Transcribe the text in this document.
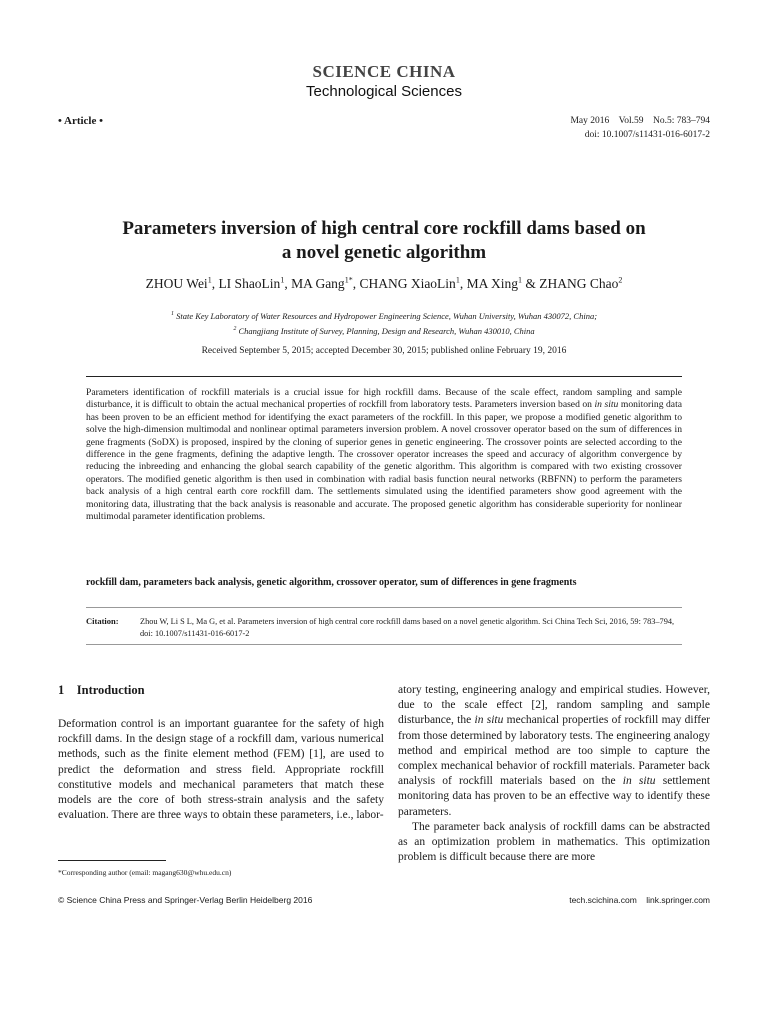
SCIENCE CHINA
Technological Sciences
• Article •	May 2016    Vol.59    No.5: 783–794
doi: 10.1007/s11431-016-6017-2
Parameters inversion of high central core rockfill dams based on
a novel genetic algorithm
ZHOU Wei$^1$, LI ShaoLin$^1$, MA Gang$^{1*}$, CHANG XiaoLin$^1$, MA Xing$^1$ & ZHANG Chao$^2$
$^1$ State Key Laboratory of Water Resources and Hydropower Engineering Science, Wuhan University, Wuhan 430072, China;
$^2$ Changjiang Institute of Survey, Planning, Design and Research, Wuhan 430010, China
Received September 5, 2015; accepted December 30, 2015; published online February 19, 2016
Parameters identification of rockfill materials is a crucial issue for high rockfill dams. Because of the scale effect, random sampling and sample disturbance, it is difficult to obtain the actual mechanical properties of rockfill from laboratory tests. Parameters inversion based on in situ monitoring data has been proven to be an efficient method for identifying the exact parameters of the rockfill. In this paper, we propose a modified genetic algorithm to solve the high-dimension multimodal and nonlinear optimal parameters inversion problem. A novel crossover operator based on the sum of differences in gene fragments (SoDX) is proposed, inspired by the cloning of superior genes in genetic engineering. The crossover points are selected according to the difference in the gene fragments, defining the adaptive length. The crossover operator increases the speed and accuracy of algorithm convergence by reducing the inbreeding and enhancing the global search capability of the genetic algorithm. This algorithm is compared with two existing crossover operators. The modified genetic algorithm is then used in combination with radial basis function neural networks (RBFNN) to perform the parameters back analysis of a high central earth core rockfill dam. The settlements simulated using the identified parameters show good agreement with the monitoring data, illustrating that the back analysis is reasonable and accurate. The proposed genetic algorithm has considerable superiority for nonlinear multimodal parameter identification problems.
rockfill dam, parameters back analysis, genetic algorithm, crossover operator, sum of differences in gene fragments
Citation:	Zhou W, Li S L, Ma G, et al. Parameters inversion of high central core rockfill dams based on a novel genetic algorithm. Sci China Tech Sci, 2016, 59: 783–794, doi: 10.1007/s11431-016-6017-2
1    Introduction

Deformation control is an important guarantee for the safety of high rockfill dams. In the design stage of a rockfill dam, various numerical methods, such as the finite element method (FEM) [1], are used to predict the deformation and stress field. Appropriate rockfill constitutive models and mechanical parameters that match these models are the core of both stress-strain analysis and the safety evaluation. There are three ways to obtain these parameters, i.e., labor-

atory testing, engineering analogy and empirical studies. However, due to the scale effect [2], random sampling and sample disturbance, the in situ mechanical properties of rockfill may differ from those determined by laboratory tests. The engineering analogy method and empirical method are too simple to capture the complex mechanical behavior of rockfill materials. Parameter back analysis of rockfill materials based on the in situ settlement monitoring data has proven to be an effective way to identify these parameters.

The parameter back analysis of rockfill dams can be abstracted as an optimization problem in mathematics. This optimization problem is difficult because there are more

*Corresponding author (email: magang630@whu.edu.cn)
© Science China Press and Springer-Verlag Berlin Heidelberg 2016	tech.scichina.com    link.springer.com
